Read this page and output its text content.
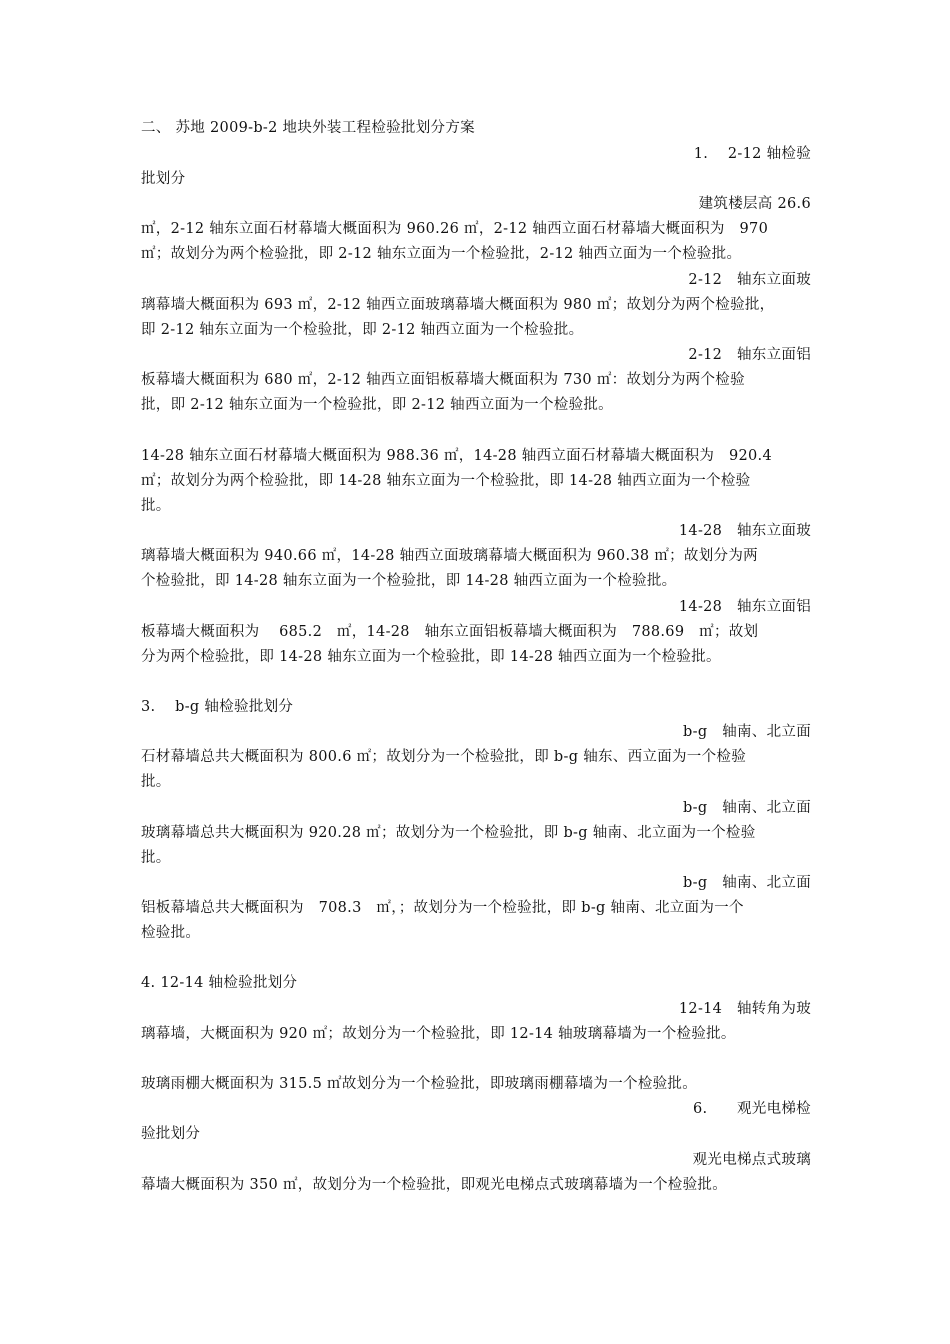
二、 苏地 2009-b-2 地块外装工程检验批划分方案
1.　 2-12 轴检验
批划分
建筑楼层高 26.6
㎡，2-12 轴东立面石材幕墙大概面积为 960.26 ㎡，2-12 轴西立面石材幕墙大概面积为　970
㎡；故划分为两个检验批，即 2-12 轴东立面为一个检验批，2-12 轴西立面为一个检验批。
2-12　轴东立面玻
璃幕墙大概面积为 693 ㎡，2-12 轴西立面玻璃幕墙大概面积为 980 ㎡；故划分为两个检验批，
即 2-12 轴东立面为一个检验批，即 2-12 轴西立面为一个检验批。
2-12　轴东立面铝
板幕墙大概面积为 680 ㎡，2-12 轴西立面铝板幕墙大概面积为 730 ㎡：故划分为两个检验
批，即 2-12 轴东立面为一个检验批，即 2-12 轴西立面为一个检验批。
14-28 轴东立面石材幕墙大概面积为 988.36 ㎡，14-28 轴西立面石材幕墙大概面积为　920.4
㎡；故划分为两个检验批，即 14-28 轴东立面为一个检验批，即 14-28 轴西立面为一个检验
批。
14-28　轴东立面玻
璃幕墙大概面积为 940.66 ㎡，14-28 轴西立面玻璃幕墙大概面积为 960.38 ㎡；故划分为两
个检验批，即 14-28 轴东立面为一个检验批，即 14-28 轴西立面为一个检验批。
14-28　轴东立面铝
板幕墙大概面积为　 685.2　㎡，14-28　轴东立面铝板幕墙大概面积为　788.69　㎡；故划
分为两个检验批，即 14-28 轴东立面为一个检验批，即 14-28 轴西立面为一个检验批。
3.　 b-g 轴检验批划分
b-g　轴南、北立面
石材幕墙总共大概面积为 800.6 ㎡；故划分为一个检验批，即 b-g 轴东、西立面为一个检验
批。
b-g　轴南、北立面
玻璃幕墙总共大概面积为 920.28 ㎡；故划分为一个检验批，即 b-g 轴南、北立面为一个检验
批。
b-g　轴南、北立面
铝板幕墙总共大概面积为　708.3　㎡，；故划分为一个检验批，即 b-g 轴南、北立面为一个
检验批。
4. 12-14 轴检验批划分
12-14　轴转角为玻
璃幕墙，大概面积为 920 ㎡；故划分为一个检验批，即 12-14 轴玻璃幕墙为一个检验批。
玻璃雨棚大概面积为 315.5 ㎡故划分为一个检验批，即玻璃雨棚幕墙为一个检验批。
6.　　观光电梯检
验批划分
观光电梯点式玻璃
幕墙大概面积为 350 ㎡，故划分为一个检验批，即观光电梯点式玻璃幕墙为一个检验批。
